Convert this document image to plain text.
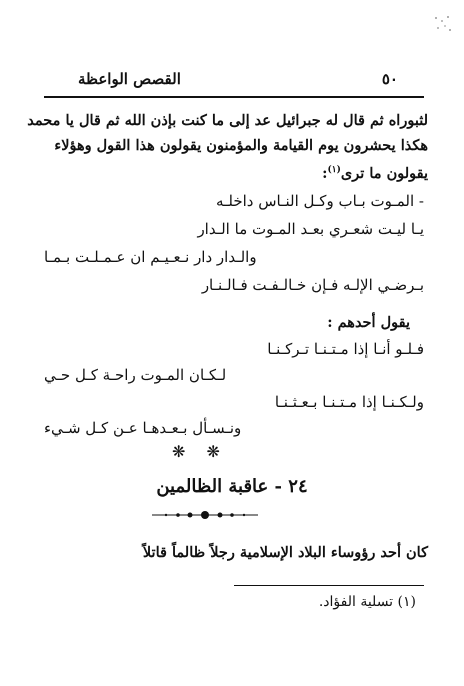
القصص الواعظة	٥٠
لثبوراه ثم قال له جبرائيل عد إلى ما كنت بإذن الله ثم قال يا محمد
هكذا يحشرون يوم القيامة والمؤمنون يقولون هذا القول وهؤلاء
يقولون ما ترى$^{(١)}$:
- المـوت بـاب وكـل النـاس داخلـه
يـا ليـت شعـري بعـد المـوت ما الـدار
والـدار دار نـعـيـم ان عـمـلـت بـمـا
بـرضـي الإلـه فـإن خـالـفـت فـالـنـار
يقول أحدهم :
فـلـو أنـا إذا مـتـنـا تـركـنـا
لـكـان المـوت راحـة كـل حـي
ولـكـنـا إذا مـتـنـا بـعـثـنـا
ونـسـأل بـعـدهـا عـن كـل شـيء
❋ ❋
٢٤ - عاقبة الظالمين
كان أحد رؤوساء البلاد الإسلامية رجلاً ظالماً قاتلاً
(١) تسلية الفؤاد.
